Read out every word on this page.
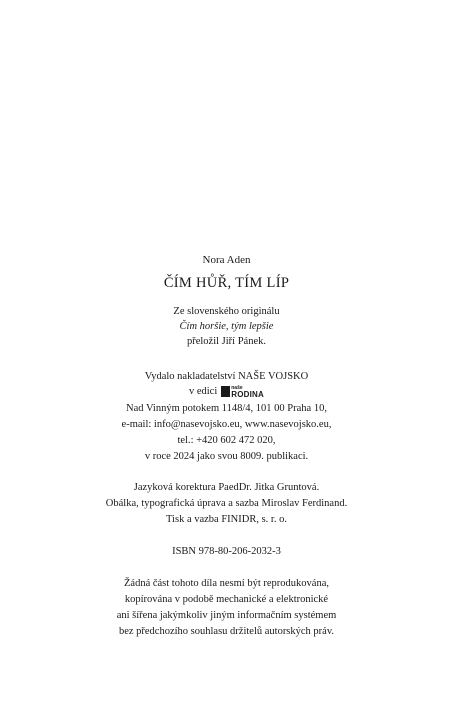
Nora Aden
ČÍM HŮŘ, TÍM LÍP
Ze slovenského originálu
Čím horšie, tým lepšie
přeložil Jiří Pánek.
Vydalo nakladatelství NAŠE VOJSKO
v edici	naše
RODINA
Nad Vinným potokem 1148/4, 101 00 Praha 10,
e-mail: info@nasevojsko.eu, www.nasevojsko.eu,
tel.: +420 602 472 020,
v roce 2024 jako svou 8009. publikaci.
Jazyková korektura PaedDr. Jitka Gruntová.
Obálka, typografická úprava a sazba Miroslav Ferdinand.
Tisk a vazba FINIDR, s. r. o.
ISBN 978-80-206-2032-3
Žádná část tohoto díla nesmí být reprodukována,
kopírována v podobě mechanické a elektronické
ani šířena jakýmkoliv jiným informačním systémem
bez předchozího souhlasu držitelů autorských práv.
